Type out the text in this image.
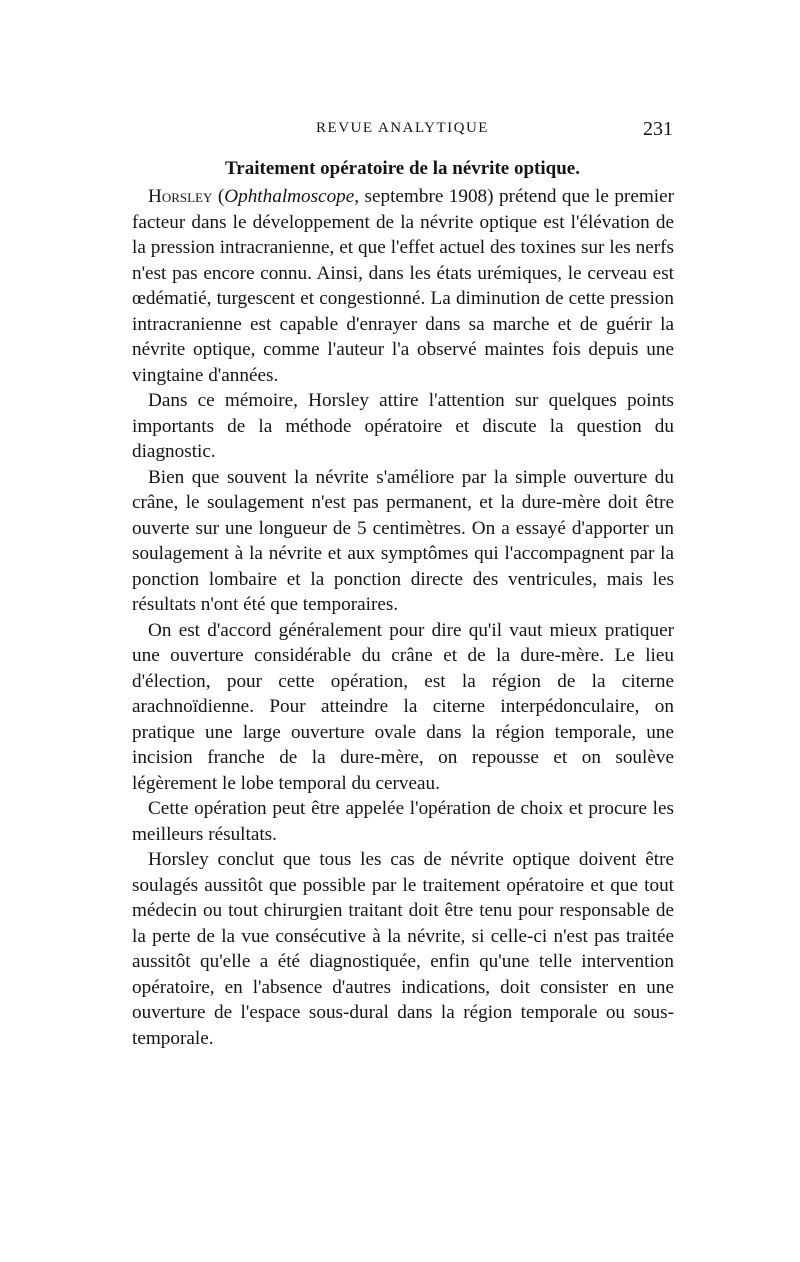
REVUE ANALYTIQUE	231
Traitement opératoire de la névrite optique.

Horsley (Ophthalmoscope, septembre 1908) prétend que le premier facteur dans le développement de la névrite optique est l'élévation de la pression intracranienne, et que l'effet actuel des toxines sur les nerfs n'est pas encore connu. Ainsi, dans les états urémiques, le cerveau est œdématié, turgescent et congestionné. La diminution de cette pression intracranienne est capable d'enrayer dans sa marche et de guérir la névrite optique, comme l'auteur l'a observé maintes fois depuis une vingtaine d'années.

Dans ce mémoire, Horsley attire l'attention sur quelques points importants de la méthode opératoire et discute la question du diagnostic.

Bien que souvent la névrite s'améliore par la simple ouverture du crâne, le soulagement n'est pas permanent, et la dure-mère doit être ouverte sur une longueur de 5 centimètres. On a essayé d'apporter un soulagement à la névrite et aux symptômes qui l'accompagnent par la ponction lombaire et la ponction directe des ventricules, mais les résultats n'ont été que temporaires.

On est d'accord généralement pour dire qu'il vaut mieux pratiquer une ouverture considérable du crâne et de la dure-mère. Le lieu d'élection, pour cette opération, est la région de la citerne arachnoïdienne. Pour atteindre la citerne interpédonculaire, on pratique une large ouverture ovale dans la région temporale, une incision franche de la dure-mère, on repousse et on soulève légèrement le lobe temporal du cerveau.

Cette opération peut être appelée l'opération de choix et procure les meilleurs résultats.

Horsley conclut que tous les cas de névrite optique doivent être soulagés aussitôt que possible par le traitement opératoire et que tout médecin ou tout chirurgien traitant doit être tenu pour responsable de la perte de la vue consécutive à la névrite, si celle-ci n'est pas traitée aussitôt qu'elle a été diagnostiquée, enfin qu'une telle intervention opératoire, en l'absence d'autres indications, doit consister en une ouverture de l'espace sous-dural dans la région temporale ou sous-temporale.
